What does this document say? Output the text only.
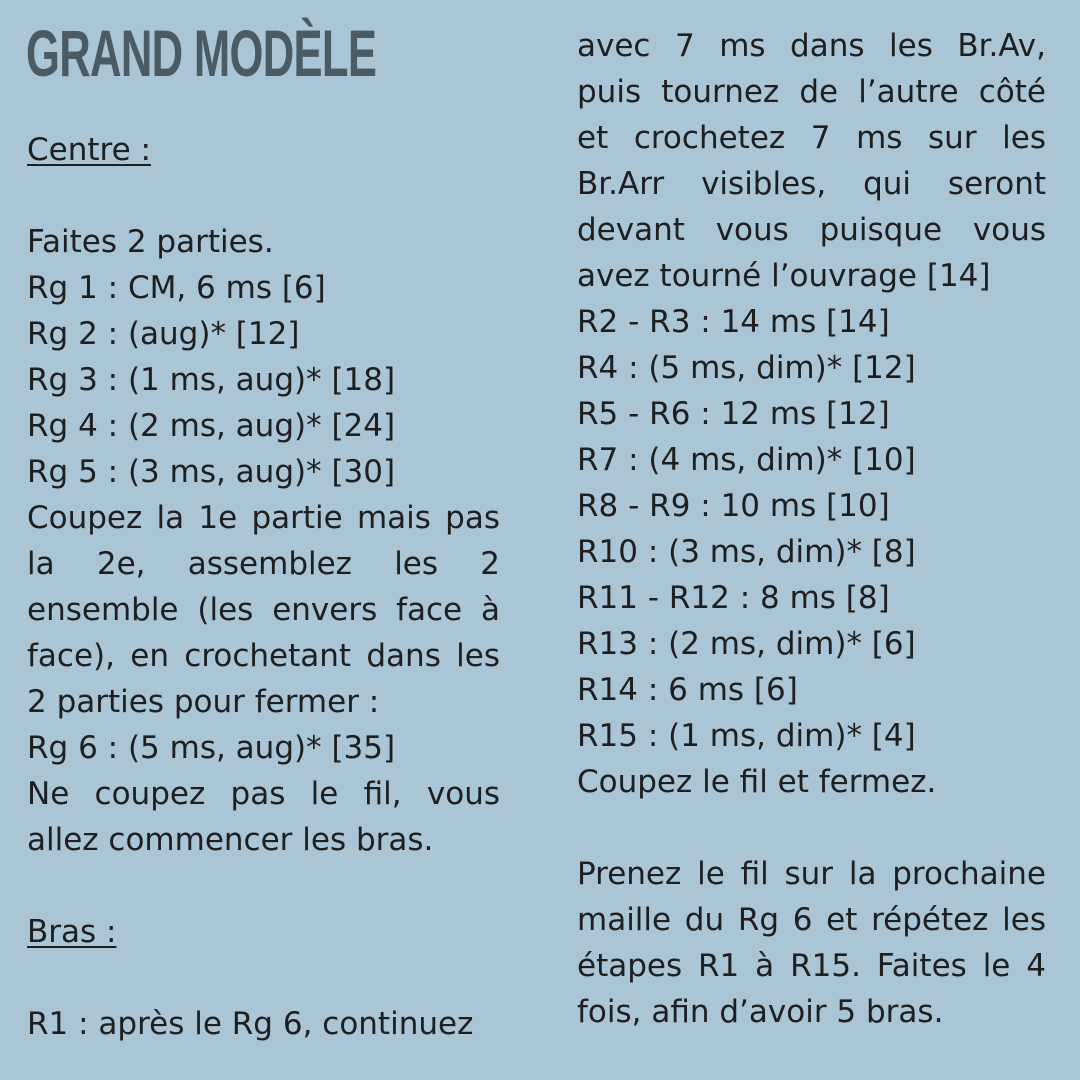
GRAND MODÈLE
Centre :
Faites 2 parties.
Rg 1 : CM, 6 ms [6]
Rg 2 : (aug)* [12]
Rg 3 : (1 ms, aug)* [18]
Rg 4 : (2 ms, aug)* [24]
Rg 5 : (3 ms, aug)* [30]
Coupez la 1e partie mais pas
la 2e, assemblez les 2
ensemble (les envers face à
face), en crochetant dans les
2 parties pour fermer :
Rg 6 : (5 ms, aug)* [35]
Ne coupez pas le fil, vous
allez commencer les bras.
Bras :
R1 : après le Rg 6, continuez
avec 7 ms dans les Br.Av,
puis tournez de l’autre côté
et crochetez 7 ms sur les
Br.Arr visibles, qui seront
devant vous puisque vous
avez tourné l’ouvrage [14]
R2 - R3 : 14 ms [14]
R4 : (5 ms, dim)* [12]
R5 - R6 : 12 ms [12]
R7 : (4 ms, dim)* [10]
R8 - R9 : 10 ms [10]
R10 : (3 ms, dim)* [8]
R11 - R12 : 8 ms [8]
R13 : (2 ms, dim)* [6]
R14 : 6 ms [6]
R15 : (1 ms, dim)* [4]
Coupez le fil et fermez.
Prenez le fil sur la prochaine
maille du Rg 6 et répétez les
étapes R1 à R15. Faites le 4
fois, afin d’avoir 5 bras.
